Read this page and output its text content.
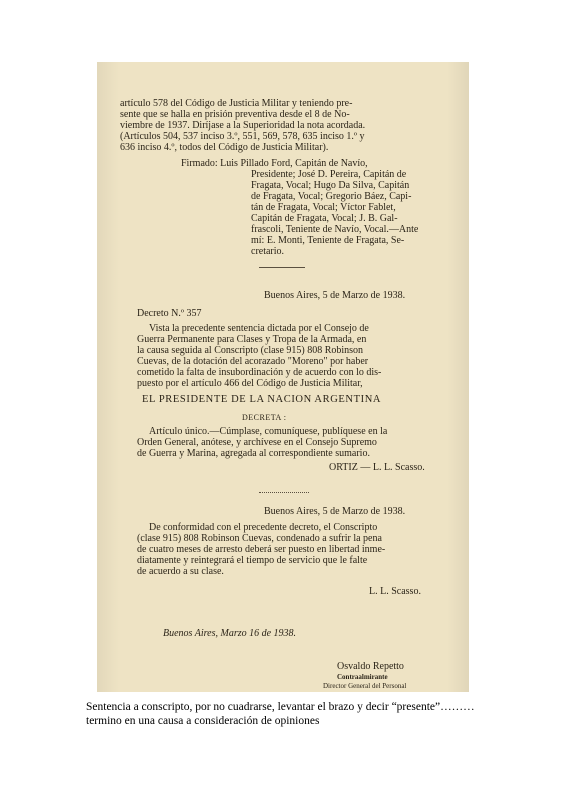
artículo 578 del Código de Justicia Militar y teniendo pre-
sente que se halla en prisión preventiva desde el 8 de No-
viembre de 1937. Diríjase a la Superioridad la nota acordada.
(Artículos 504, 537 inciso 3.º, 551, 569, 578, 635 inciso 1.º y
636 inciso 4.º, todos del Código de Justicia Militar).
Firmado: Luis Pillado Ford, Capitán de Navío,
Presidente; José D. Pereira, Capitán de
Fragata, Vocal; Hugo Da Silva, Capitán
de Fragata, Vocal; Gregorio Báez, Capi-
tán de Fragata, Vocal; Víctor Fablet,
Capitán de Fragata, Vocal; J. B. Gal-
frascoli, Teniente de Navío, Vocal.—Ante
mí: E. Monti, Teniente de Fragata, Se-
cretario.
Buenos Aires, 5 de Marzo de 1938.
Decreto N.º 357
Vista la precedente sentencia dictada por el Consejo de
Guerra Permanente para Clases y Tropa de la Armada, en
la causa seguida al Conscripto (clase 915) 808 Robinson
Cuevas, de la dotación del acorazado "Moreno" por haber
cometido la falta de insubordinación y de acuerdo con lo dis-
puesto por el artículo 466 del Código de Justicia Militar,
EL PRESIDENTE DE LA NACION ARGENTINA
DECRETA :
Artículo único.—Cúmplase, comuníquese, publíquese en la
Orden General, anótese, y archívese en el Consejo Supremo
de Guerra y Marina, agregada al correspondiente sumario.
ORTIZ — L. L. Scasso.
Buenos Aires, 5 de Marzo de 1938.
De conformidad con el precedente decreto, el Conscripto
(clase 915) 808 Robinson Cuevas, condenado a sufrir la pena
de cuatro meses de arresto deberá ser puesto en libertad inme-
diatamente y reintegrará el tiempo de servicio que le falte
de acuerdo a su clase.
L. L. Scasso.
Buenos Aires, Marzo 16 de 1938.
Osvaldo Repetto
Contraalmirante
Director General del Personal
Sentencia a conscripto, por no cuadrarse, levantar el brazo y decir “presente”………
termino en una causa a consideración de opiniones
